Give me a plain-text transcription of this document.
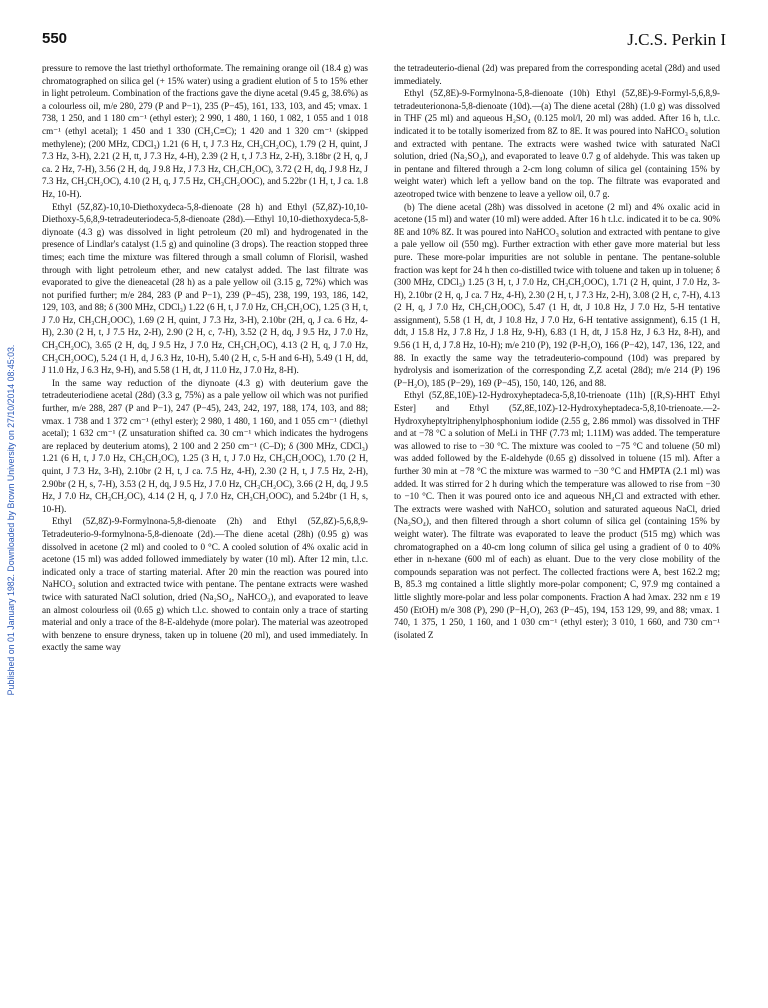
Published on 01 January 1982. Downloaded by Brown University on 27/10/2014 08:45:03.
550	J.C.S. Perkin I

pressure to remove the last triethyl orthoformate. The remaining orange oil (18.4 g) was chromatographed on silica gel (+ 15% water) using a gradient elution of 5 to 15% ether in light petroleum. Combination of the fractions gave the diyne acetal (9.45 g, 38.6%) as a colourless oil, m/e 280, 279 (P and P−1), 235 (P−45), 161, 133, 103, and 45; νmax. 1 738, 1 250, and 1 180 cm⁻¹ (ethyl ester); 2 990, 1 480, 1 160, 1 082, 1 055 and 1 018 cm⁻¹ (ethyl acetal); 1 450 and 1 330 (CH₂C≡C); 1 420 and 1 320 cm⁻¹ (skipped methylene); (200 MHz, CDCl₃) 1.21 (6 H, t, J 7.3 Hz, CH₃CH₂OC), 1.79 (2 H, quint, J 7.3 Hz, 3-H), 2.21 (2 H, tt, J 7.3 Hz, 4-H), 2.39 (2 H, t, J 7.3 Hz, 2-H), 3.18br (2 H, q, J ca. 2 Hz, 7-H), 3.56 (2 H, dq, J 9.8 Hz, J 7.3 Hz, CH₃CH₂OC), 3.72 (2 H, dq, J 9.8 Hz, J 7.3 Hz, CH₃CH₂OC), 4.10 (2 H, q, J 7.5 Hz, CH₃CH₂OOC), and 5.22br (1 H, t, J ca. 1.8 Hz, 10-H).

Ethyl (5Z,8Z)-10,10-Diethoxydeca-5,8-dienoate (28 h) and Ethyl (5Z,8Z)-10,10-Diethoxy-5,6,8,9-tetradeuteriodeca-5,8-dienoate (28d).—Ethyl 10,10-diethoxydeca-5,8-diynoate (4.3 g) was dissolved in light petroleum (20 ml) and hydrogenated in the presence of Lindlar's catalyst (1.5 g) and quinoline (3 drops). The reaction stopped three times; each time the mixture was filtered through a small column of Florisil, washed through with light petroleum ether, and new catalyst added. The last filtrate was evaporated to give the dieneacetal (28 h) as a pale yellow oil (3.15 g, 72%) which was not purified further; m/e 284, 283 (P and P−1), 239 (P−45), 238, 199, 193, 186, 142, 129, 103, and 88; δ (300 MHz, CDCl₃) 1.22 (6 H, t, J 7.0 Hz, CH₃CH₂OC), 1.25 (3 H, t, J 7.0 Hz, CH₃CH₂OOC), 1.69 (2 H, quint, J 7.3 Hz, 3-H), 2.10br (2H, q, J ca. 6 Hz, 4-H), 2.30 (2 H, t, J 7.5 Hz, 2-H), 2.90 (2 H, c, 7-H), 3.52 (2 H, dq, J 9.5 Hz, J 7.0 Hz, CH₃CH₂OC), 3.65 (2 H, dq, J 9.5 Hz, J 7.0 Hz, CH₃CH₂OC), 4.13 (2 H, q, J 7.0 Hz, CH₃CH₂OOC), 5.24 (1 H, d, J 6.3 Hz, 10-H), 5.40 (2 H, c, 5-H and 6-H), 5.49 (1 H, dd, J 11.0 Hz, J 6.3 Hz, 9-H), and 5.58 (1 H, dt, J 11.0 Hz, J 7.0 Hz, 8-H).

In the same way reduction of the diynoate (4.3 g) with deuterium gave the tetradeuteriodiene acetal (28d) (3.3 g, 75%) as a pale yellow oil which was not purified further, m/e 288, 287 (P and P−1), 247 (P−45), 243, 242, 197, 188, 174, 103, and 88; νmax. 1 738 and 1 372 cm⁻¹ (ethyl ester); 2 980, 1 480, 1 160, and 1 055 cm⁻¹ (diethyl acetal); 1 632 cm⁻¹ (Z unsaturation shifted ca. 30 cm⁻¹ which indicates the hydrogens are replaced by deuterium atoms), 2 100 and 2 250 cm⁻¹ (C–D); δ (300 MHz, CDCl₃) 1.21 (6 H, t, J 7.0 Hz, CH₃CH₂OC), 1.25 (3 H, t, J 7.0 Hz, CH₃CH₂OOC), 1.70 (2 H, quint, J 7.3 Hz, 3-H), 2.10br (2 H, t, J ca. 7.5 Hz, 4-H), 2.30 (2 H, t, J 7.5 Hz, 2-H), 2.90br (2 H, s, 7-H), 3.53 (2 H, dq, J 9.5 Hz, J 7.0 Hz, CH₃CH₂OC), 3.66 (2 H, dq, J 9.5 Hz, J 7.0 Hz, CH₃CH₂OC), 4.14 (2 H, q, J 7.0 Hz, CH₃CH₂OOC), and 5.24br (1 H, s, 10-H).

Ethyl (5Z,8Z)-9-Formylnona-5,8-dienoate (2h) and Ethyl (5Z,8Z)-5,6,8,9-Tetradeuterio-9-formylnona-5,8-dienoate (2d).—The diene acetal (28h) (0.95 g) was dissolved in acetone (2 ml) and cooled to 0 °C. A cooled solution of 4% oxalic acid in acetone (15 ml) was added followed immediately by water (10 ml). After 12 min, t.l.c. indicated only a trace of starting material. After 20 min the reaction was poured into NaHCO₃ solution and extracted twice with pentane. The pentane extracts were washed twice with saturated NaCl solution, dried (Na₂SO₄, NaHCO₃), and evaporated to leave an almost colourless oil (0.65 g) which t.l.c. showed to contain only a trace of starting material and only a trace of the 8-E-aldehyde (more polar). The material was azeotroped with benzene to ensure dryness, taken up in toluene (20 ml), and used immediately. In exactly the same way

the tetradeuterio-dienal (2d) was prepared from the corresponding acetal (28d) and used immediately.

Ethyl (5Z,8E)-9-Formylnona-5,8-dienoate (10h) Ethyl (5Z,8E)-9-Formyl-5,6,8,9-tetradeuterionona-5,8-dienoate (10d).—(a) The diene acetal (28h) (1.0 g) was dissolved in THF (25 ml) and aqueous H₂SO₄ (0.125 mol/l, 20 ml) was added. After 16 h, t.l.c. indicated it to be totally isomerized from 8Z to 8E. It was poured into NaHCO₃ solution and extracted with pentane. The extracts were washed twice with saturated NaCl solution, dried (Na₂SO₄), and evaporated to leave 0.7 g of aldehyde. This was taken up in pentane and filtered through a 2-cm long column of silica gel (containing 15% by weight water) which left a yellow band on the top. The filtrate was evaporated and azeotroped twice with benzene to leave a yellow oil, 0.7 g.

(b) The diene acetal (28h) was dissolved in acetone (2 ml) and 4% oxalic acid in acetone (15 ml) and water (10 ml) were added. After 16 h t.l.c. indicated it to be ca. 90% 8E and 10% 8Z. It was poured into NaHCO₃ solution and extracted with pentane to give a pale yellow oil (550 mg). Further extraction with ether gave more material but less pure. These more-polar impurities are not soluble in pentane. The pentane-soluble fraction was kept for 24 h then co-distilled twice with toluene and taken up in toluene; δ (300 MHz, CDCl₃) 1.25 (3 H, t, J 7.0 Hz, CH₃CH₂OOC), 1.71 (2 H, quint, J 7.0 Hz, 3-H), 2.10br (2 H, q, J ca. 7 Hz, 4-H), 2.30 (2 H, t, J 7.3 Hz, 2-H), 3.08 (2 H, c, 7-H), 4.13 (2 H, q, J 7.0 Hz, CH₃CH₂OOC), 5.47 (1 H, dt, J 10.8 Hz, J 7.0 Hz, 5-H tentative assignment), 5.58 (1 H, dt, J 10.8 Hz, J 7.0 Hz, 6-H tentative assignment), 6.15 (1 H, ddt, J 15.8 Hz, J 7.8 Hz, J 1.8 Hz, 9-H), 6.83 (1 H, dt, J 15.8 Hz, J 6.3 Hz, 8-H), and 9.56 (1 H, d, J 7.8 Hz, 10-H); m/e 210 (P), 192 (P-H₂O), 166 (P−42), 147, 136, 122, and 88. In exactly the same way the tetradeuterio-compound (10d) was prepared by hydrolysis and isomerization of the corresponding Z,Z acetal (28d); m/e 214 (P) 196 (P−H₂O), 185 (P−29), 169 (P−45), 150, 140, 126, and 88.

Ethyl (5Z,8E,10E)-12-Hydroxyheptadeca-5,8,10-trienoate (11h) [(R,S)-HHT Ethyl Ester] and Ethyl (5Z,8E,10Z)-12-Hydroxyheptadeca-5,8,10-trienoate.—2-Hydroxyheptyltriphenylphosphonium iodide (2.55 g, 2.86 mmol) was dissolved in THF and at −78 °C a solution of MeLi in THF (7.73 ml; 1.11M) was added. The temperature was allowed to rise to −30 °C. The mixture was cooled to −75 °C and toluene (50 ml) was added followed by the E-aldehyde (0.65 g) dissolved in toluene (15 ml). After a further 30 min at −78 °C the mixture was warmed to −30 °C and HMPTA (2.1 ml) was added. It was stirred for 2 h during which the temperature was allowed to rise from −30 to −10 °C. Then it was poured onto ice and aqueous NH₄Cl and extracted with ether. The extracts were washed with NaHCO₃ solution and saturated aqueous NaCl, dried (Na₂SO₄), and then filtered through a short column of silica gel (containing 15% by weight water). The filtrate was evaporated to leave the product (515 mg) which was chromatographed on a 40-cm long column of silica gel using a gradient of 0 to 40% ether in n-hexane (600 ml of each) as eluant. Due to the very close mobility of the compounds separation was not perfect. The collected fractions were A, best 162.2 mg; B, 85.3 mg contained a little slightly more-polar component; C, 97.9 mg contained a little slightly more-polar and less polar components. Fraction A had λmax. 232 nm ε 19 450 (EtOH) m/e 308 (P), 290 (P−H₂O), 263 (P−45), 194, 153 129, 99, and 88; νmax. 1 740, 1 375, 1 250, 1 160, and 1 030 cm⁻¹ (ethyl ester); 3 010, 1 660, and 730 cm⁻¹ (isolated Z
